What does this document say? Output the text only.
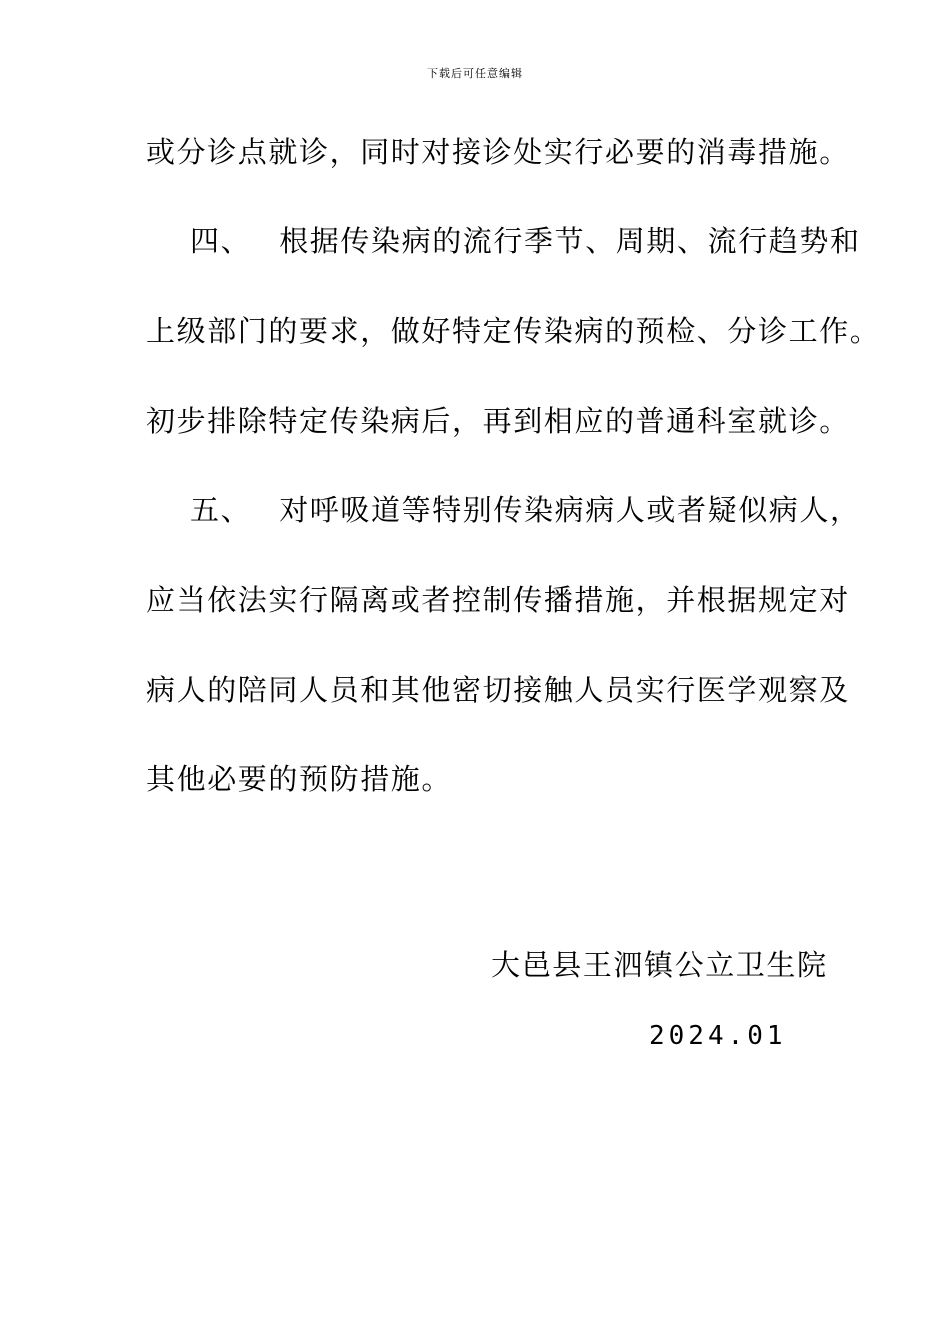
下载后可任意编辑
或分诊点就诊，同时对接诊处实行必要的消毒措施。
四、 根据传染病的流行季节、周期、流行趋势和
上级部门的要求，做好特定传染病的预检、分诊工作。
初步排除特定传染病后，再到相应的普通科室就诊。
五、 对呼吸道等特别传染病病人或者疑似病人，
应当依法实行隔离或者控制传播措施，并根据规定对
病人的陪同人员和其他密切接触人员实行医学观察及
其他必要的预防措施。
大邑县王泗镇公立卫生院
2024.01
